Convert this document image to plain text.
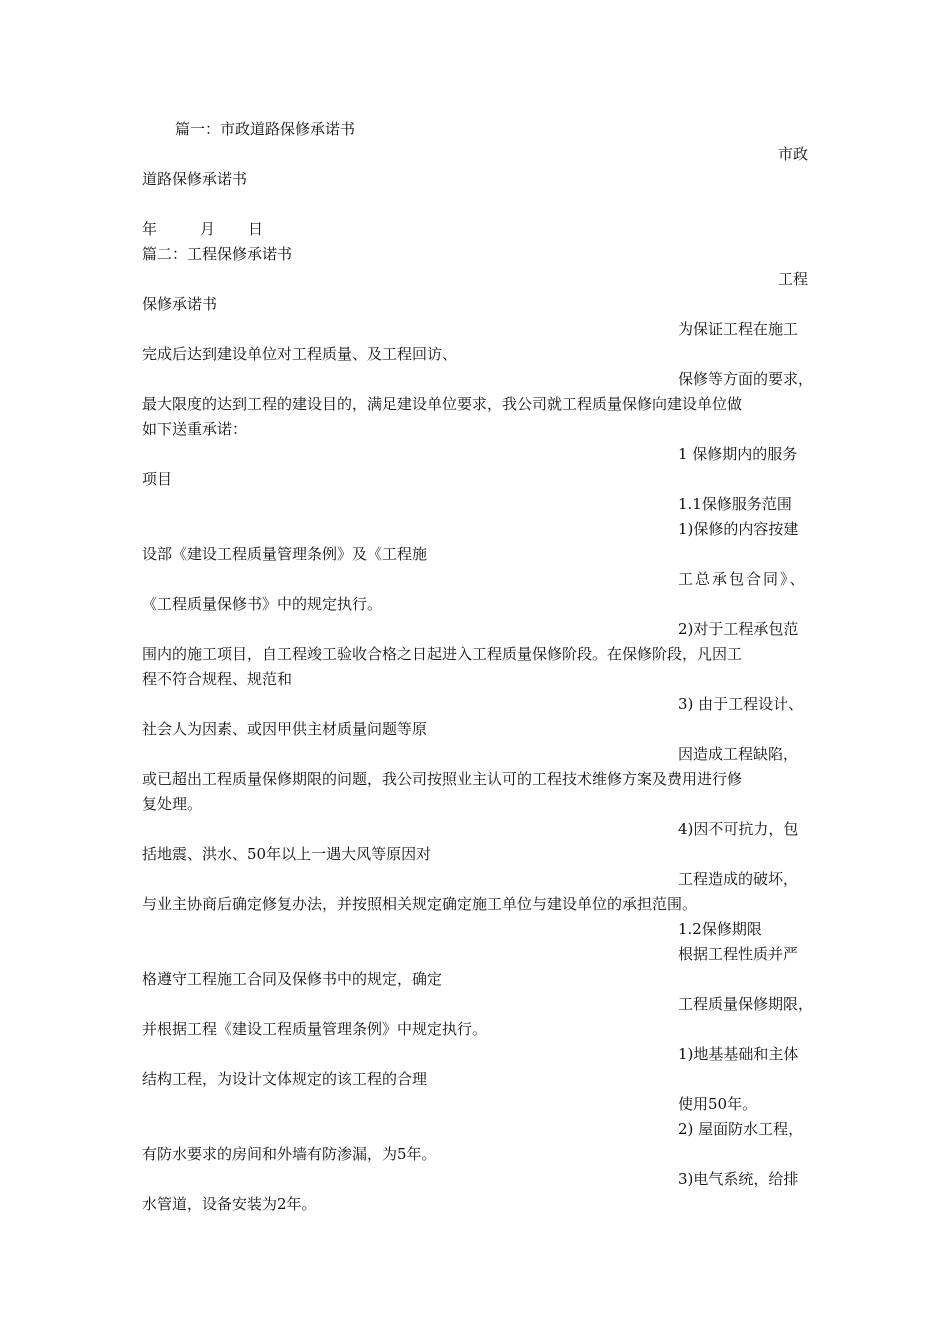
篇一：市政道路保修承诺书
市政
道路保修承诺书
年	月 日
篇二：工程保修承诺书
工程
保修承诺书
为保证工程在施工
完成后达到建设单位对工程质量、及工程回访、
保修等方面的要求，
最大限度的达到工程的建设目的，满足建设单位要求，我公司就工程质量保修向建设单位做
如下送重承诺：
1 保修期内的服务
项目
1.1保修服务范围
1)保修的内容按建
设部《建设工程质量管理条例》及《工程施
工总承包合同》、
《工程质量保修书》中的规定执行。
2)对于工程承包范
围内的施工项目，自工程竣工验收合格之日起进入工程质量保修阶段。在保修阶段，凡因工
程不符合规程、规范和
3) 由于工程设计、
社会人为因素、或因甲供主材质量问题等原
因造成工程缺陷，
或已超出工程质量保修期限的问题，我公司按照业主认可的工程技术维修方案及费用进行修
复处理。
4)因不可抗力，包
括地震、洪水、50年以上一遇大风等原因对
工程造成的破坏，
与业主协商后确定修复办法，并按照相关规定确定施工单位与建设单位的承担范围。
1.2保修期限
根据工程性质并严
格遵守工程施工合同及保修书中的规定，确定
工程质量保修期限，
并根据工程《建设工程质量管理条例》中规定执行。
1)地基基础和主体
结构工程，为设计文体规定的该工程的合理
使用50年。
2) 屋面防水工程，
有防水要求的房间和外墙有防渗漏，为5年。
3)电气系统，给排
水管道，设备安装为2年。
